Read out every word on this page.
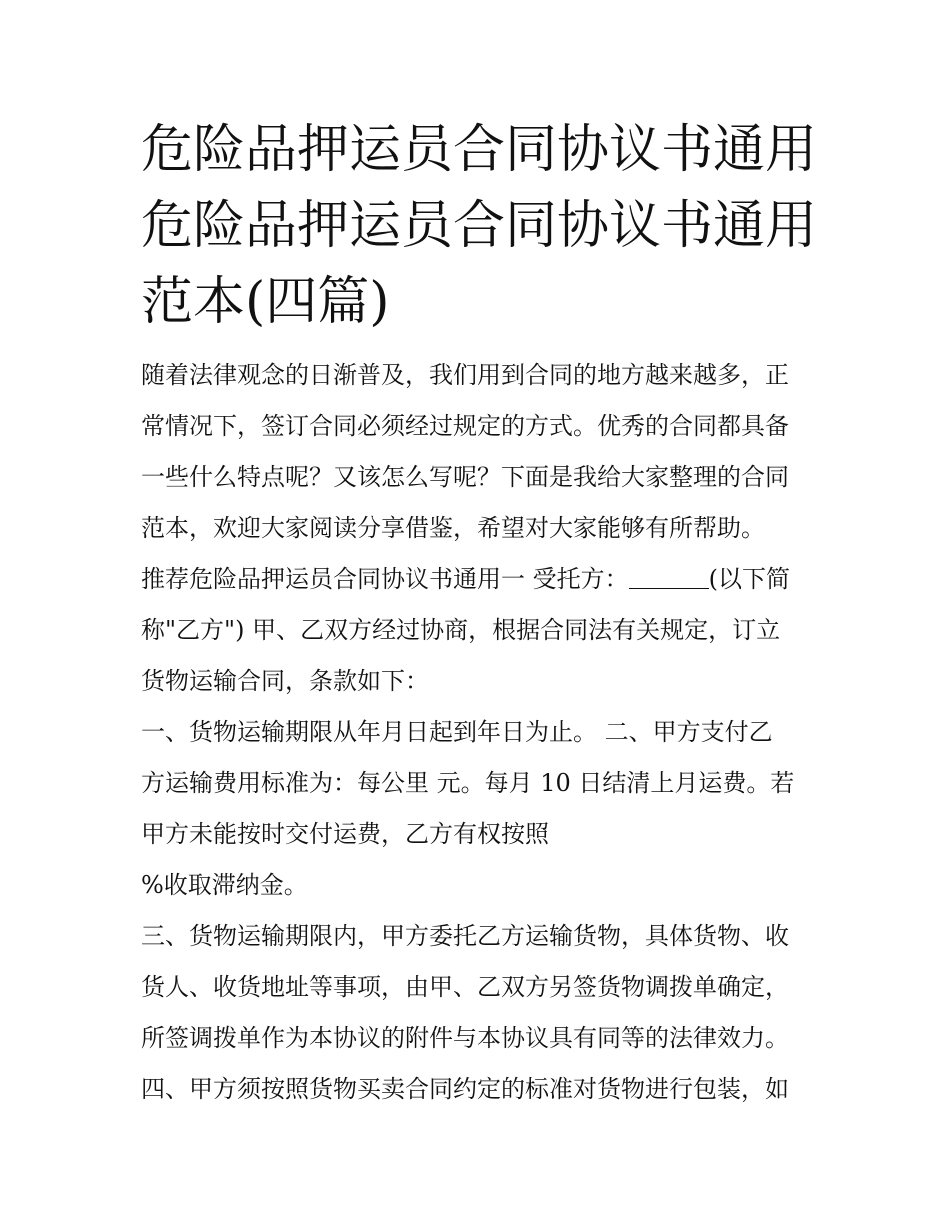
危险品押运员合同协议书通用
危险品押运员合同协议书通用
范本(四篇)

随着法律观念的日渐普及，我们用到合同的地方越来越多，正

常情况下，签订合同必须经过规定的方式。优秀的合同都具备

一些什么特点呢？又该怎么写呢？下面是我给大家整理的合同

范本，欢迎大家阅读分享借鉴，希望对大家能够有所帮助。

推荐危险品押运员合同协议书通用一 受托方：	(以下简

称"乙方") 甲、乙双方经过协商，根据合同法有关规定，订立

货物运输合同，条款如下：

一、货物运输期限从年月日起到年日为止。 二、甲方支付乙

方运输费用标准为：每公里 元。每月 10 日结清上月运费。若

甲方未能按时交付运费，乙方有权按照

%收取滞纳金。

三、货物运输期限内，甲方委托乙方运输货物，具体货物、收

货人、收货地址等事项，由甲、乙双方另签货物调拨单确定，

所签调拨单作为本协议的附件与本协议具有同等的法律效力。

四、甲方须按照货物买卖合同约定的标准对货物进行包装，如
